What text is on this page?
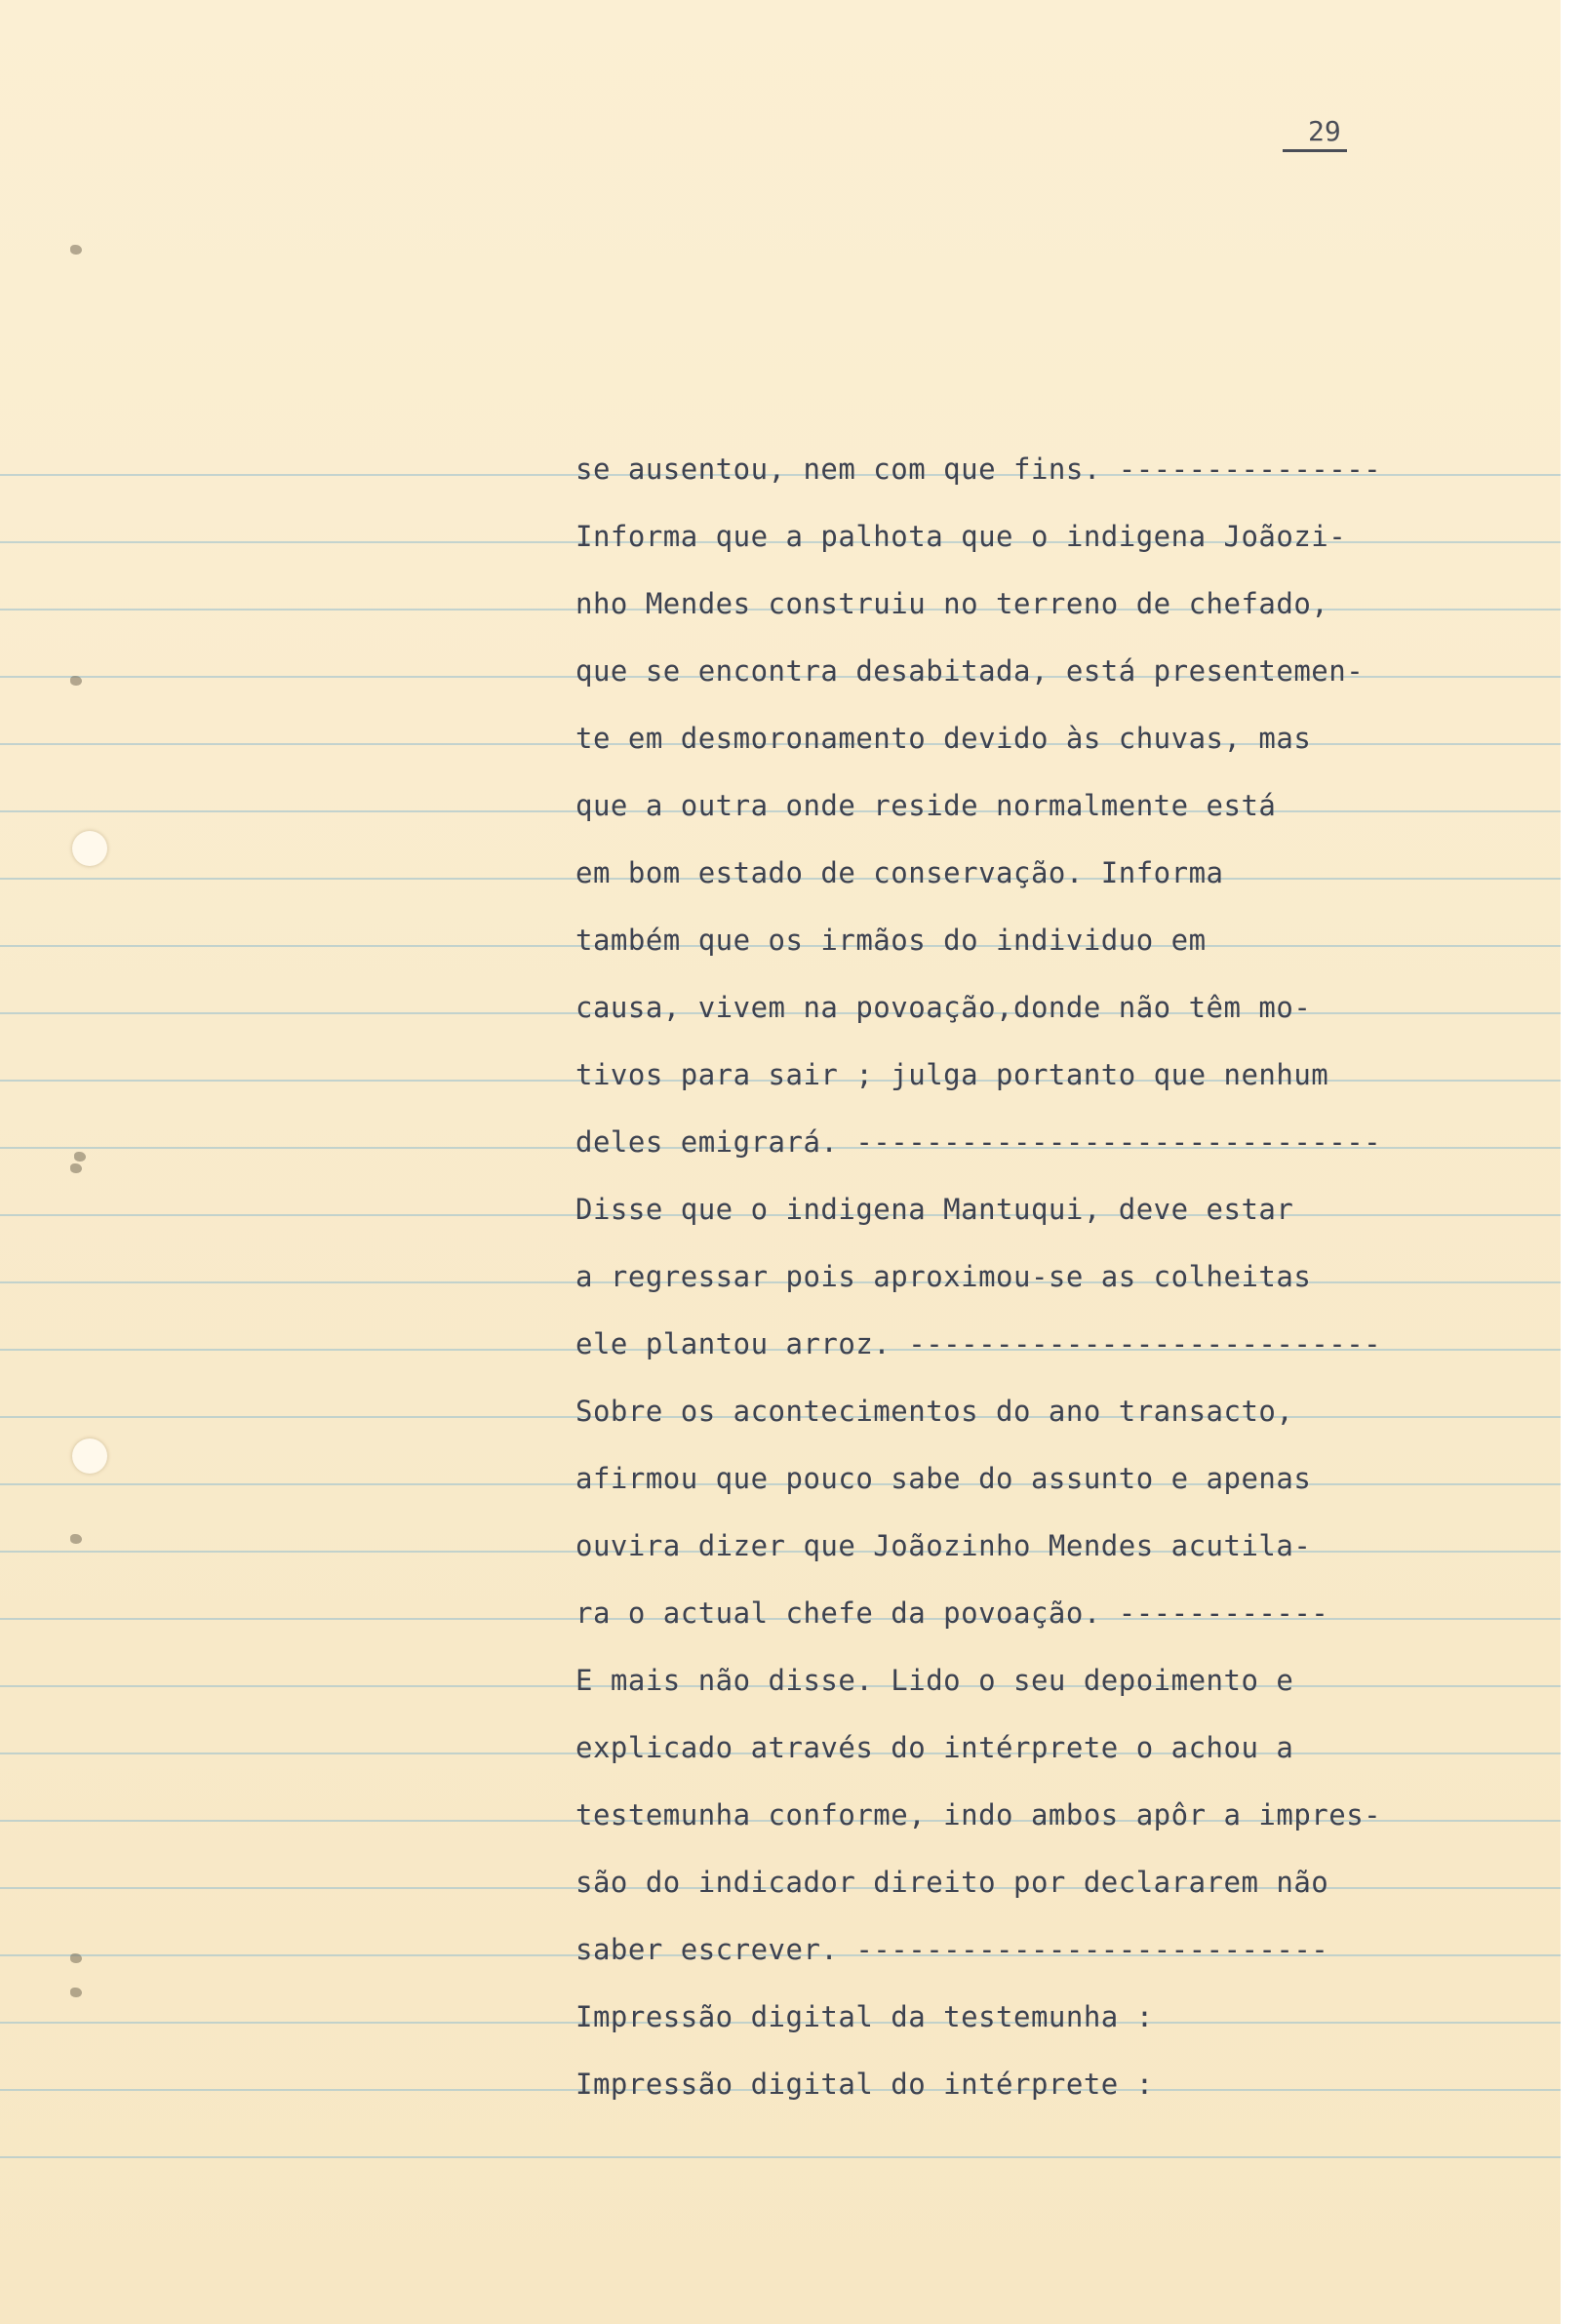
29
se ausentou, nem com que fins. ---------------
Informa que a palhota que o indigena Joãozi-
nho Mendes construiu no terreno de chefado,
que se encontra desabitada, está presentemen-
te em desmoronamento devido às chuvas, mas
que a outra onde reside normalmente está
em bom estado de conservação. Informa
também que os irmãos do individuo em
causa, vivem na povoação,donde não têm mo-
tivos para sair ; julga portanto que nenhum
deles emigrará. ------------------------------
Disse que o indigena Mantuqui, deve estar
a regressar pois aproximou-se as colheitas
ele plantou arroz. ---------------------------
Sobre os acontecimentos do ano transacto,
afirmou que pouco sabe do assunto e apenas
ouvira dizer que Joãozinho Mendes acutila-
ra o actual chefe da povoação. ------------
E mais não disse. Lido o seu depoimento e
explicado através do intérprete o achou a
testemunha conforme, indo ambos apôr a impres-
são do indicador direito por declararem não
saber escrever. ---------------------------
Impressão digital da testemunha :
Impressão digital do intérprete :
